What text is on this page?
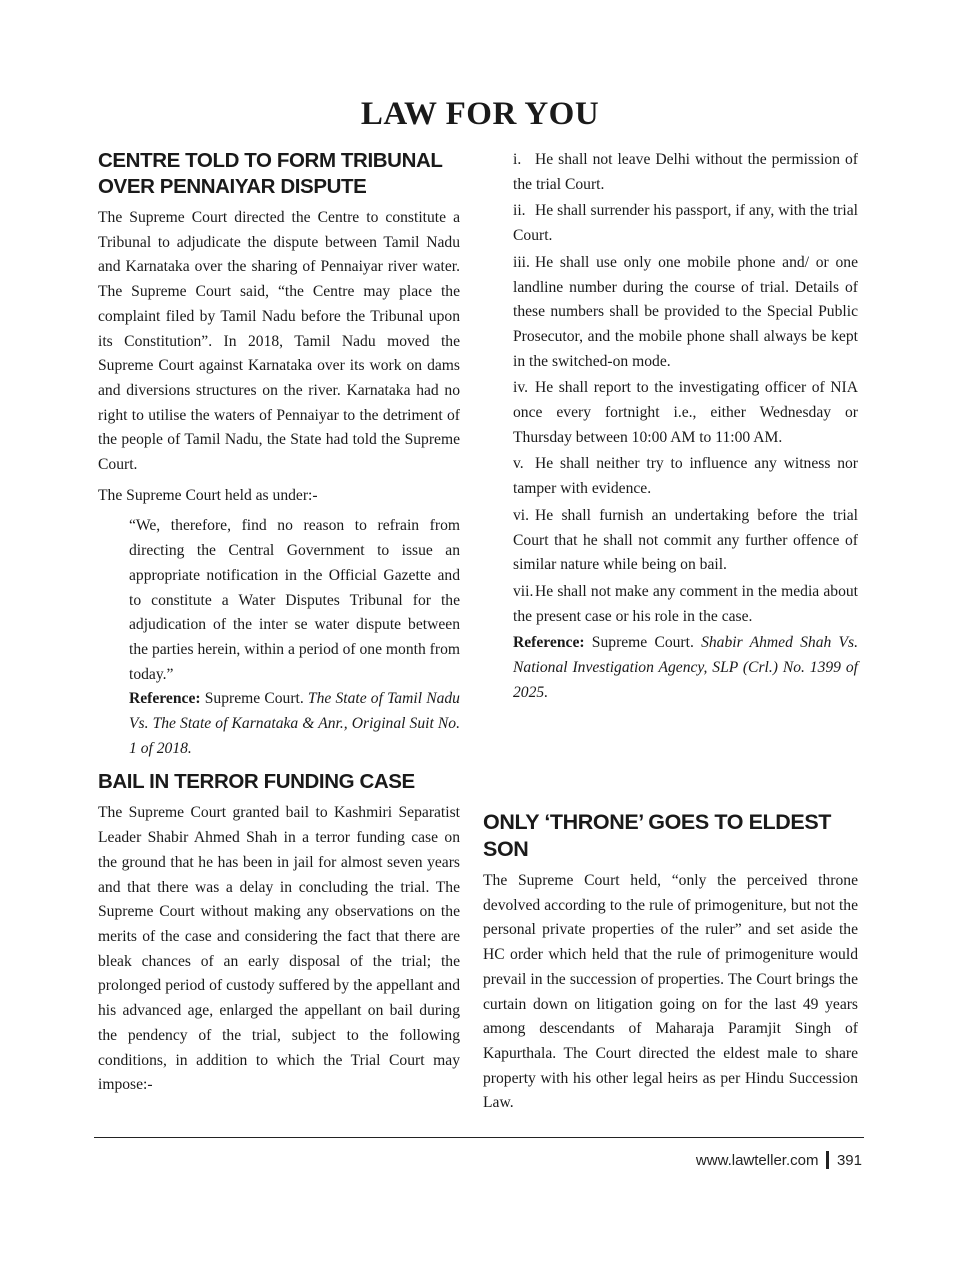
LAW FOR YOU
CENTRE TOLD TO FORM TRIBUNAL OVER PENNAIYAR DISPUTE

The Supreme Court directed the Centre to constitute a Tribunal to adjudicate the dispute between Tamil Nadu and Karnataka over the sharing of Pennaiyar river water. The Supreme Court said, “the Centre may place the complaint filed by Tamil Nadu before the Tribunal upon its Constitution”. In 2018, Tamil Nadu moved the Supreme Court against Karnataka over its work on dams and diversions structures on the river. Karnataka had no right to utilise the waters of Pennaiyar to the detriment of the people of Tamil Nadu, the State had told the Supreme Court.

The Supreme Court held as under:-

“We, therefore, find no reason to refrain from directing the Central Government to issue an appropriate notification in the Official Gazette and to constitute a Water Disputes Tribunal for the adjudication of the inter se water dispute between the parties herein, within a period of one month from today.”

Reference: Supreme Court. The State of Tamil Nadu Vs. The State of Karnataka & Anr., Original Suit No. 1 of 2018.

BAIL IN TERROR FUNDING CASE

The Supreme Court granted bail to Kashmiri Separatist Leader Shabir Ahmed Shah in a terror funding case on the ground that he has been in jail for almost seven years and that there was a delay in concluding the trial. The Supreme Court without making any observations on the merits of the case and considering the fact that there are bleak chances of an early disposal of the trial; the prolonged period of custody suffered by the appellant and his advanced age, enlarged the appellant on bail during the pendency of the trial, subject to the following conditions, in addition to which the Trial Court may impose:-

i. He shall not leave Delhi without the permission of the trial Court.

ii. He shall surrender his passport, if any, with the trial Court.

iii. He shall use only one mobile phone and/ or one landline number during the course of trial. Details of these numbers shall be provided to the Special Public Prosecutor, and the mobile phone shall always be kept in the switched-on mode.

iv. He shall report to the investigating officer of NIA once every fortnight i.e., either Wednesday or Thursday between 10:00 AM to 11:00 AM.

v. He shall neither try to influence any witness nor tamper with evidence.

vi. He shall furnish an undertaking before the trial Court that he shall not commit any further offence of similar nature while being on bail.

vii. He shall not make any comment in the media about the present case or his role in the case.

Reference: Supreme Court. Shabir Ahmed Shah Vs. National Investigation Agency, SLP (Crl.) No. 1399 of 2025.

ONLY ‘THRONE’ GOES TO ELDEST SON

The Supreme Court held, “only the perceived throne devolved according to the rule of primogeniture, but not the personal private properties of the ruler” and set aside the HC order which held that the rule of primogeniture would prevail in the succession of properties. The Court brings the curtain down on litigation going on for the last 49 years among descendants of Maharaja Paramjit Singh of Kapurthala. The Court directed the eldest male to share property with his other legal heirs as per Hindu Succession Law.

www.lawteller.com 391
